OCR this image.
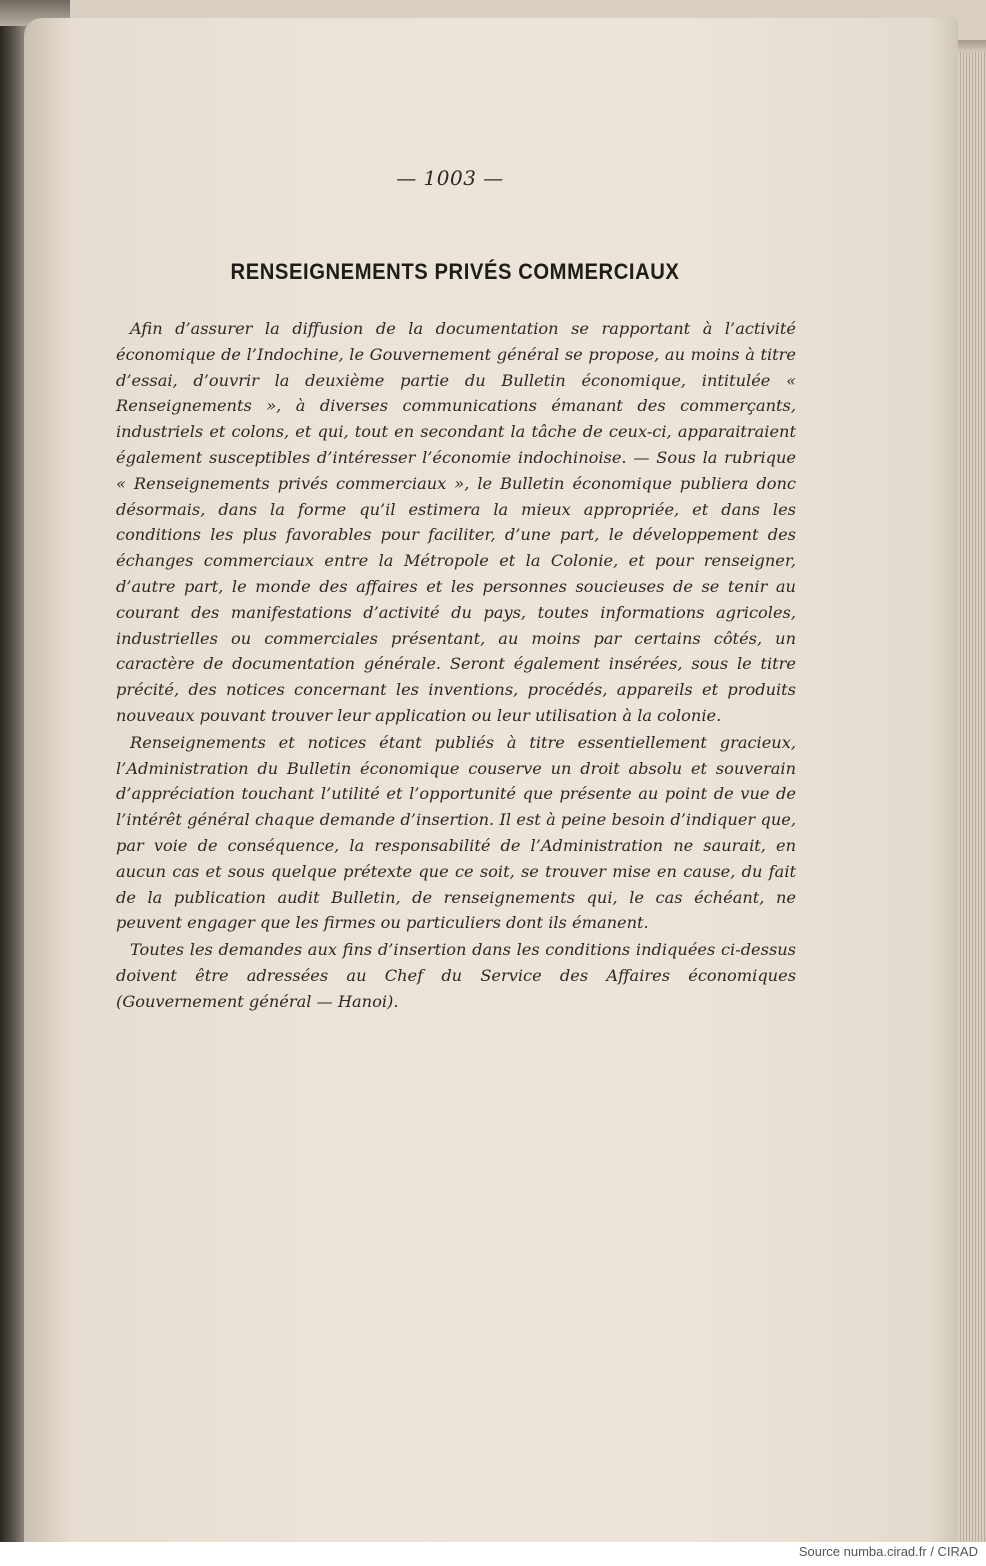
— 1003 —
RENSEIGNEMENTS PRIVÉS COMMERCIAUX

Afin d’assurer la diffusion de la documentation se rapportant à l’activité économique de l’Indochine, le Gouvernement général se propose, au moins à titre d’essai, d’ouvrir la deuxième partie du Bulletin économique, intitulée « Renseignements », à diverses communications émanant des commerçants, industriels et colons, et qui, tout en secondant la tâche de ceux-ci, apparaitraient également susceptibles d’intéresser l’économie indochinoise. — Sous la rubrique « Renseignements privés commerciaux », le Bulletin économique publiera donc désormais, dans la forme qu’il estimera la mieux appropriée, et dans les conditions les plus favorables pour faciliter, d’une part, le développement des échanges commerciaux entre la Métropole et la Colonie, et pour renseigner, d’autre part, le monde des affaires et les personnes soucieuses de se tenir au courant des manifestations d’activité du pays, toutes informations agricoles, industrielles ou commerciales présentant, au moins par certains côtés, un caractère de documentation générale. Seront également insérées, sous le titre précité, des notices concernant les inventions, procédés, appareils et produits nouveaux pouvant trouver leur application ou leur utilisation à la colonie.

Renseignements et notices étant publiés à titre essentiellement gracieux, l’Administration du Bulletin économique couserve un droit absolu et souverain d’appréciation touchant l’utilité et l’opportunité que présente au point de vue de l’intérêt général chaque demande d’insertion. Il est à peine besoin d’indiquer que, par voie de conséquence, la responsabilité de l’Administration ne saurait, en aucun cas et sous quelque prétexte que ce soit, se trouver mise en cause, du fait de la publication audit Bulletin, de renseignements qui, le cas échéant, ne peuvent engager que les firmes ou particuliers dont ils émanent.

Toutes les demandes aux fins d’insertion dans les conditions indiquées ci-dessus doivent être adressées au Chef du Service des Affaires économiques (Gouvernement général — Hanoi).

Source numba.cirad.fr / CIRAD
